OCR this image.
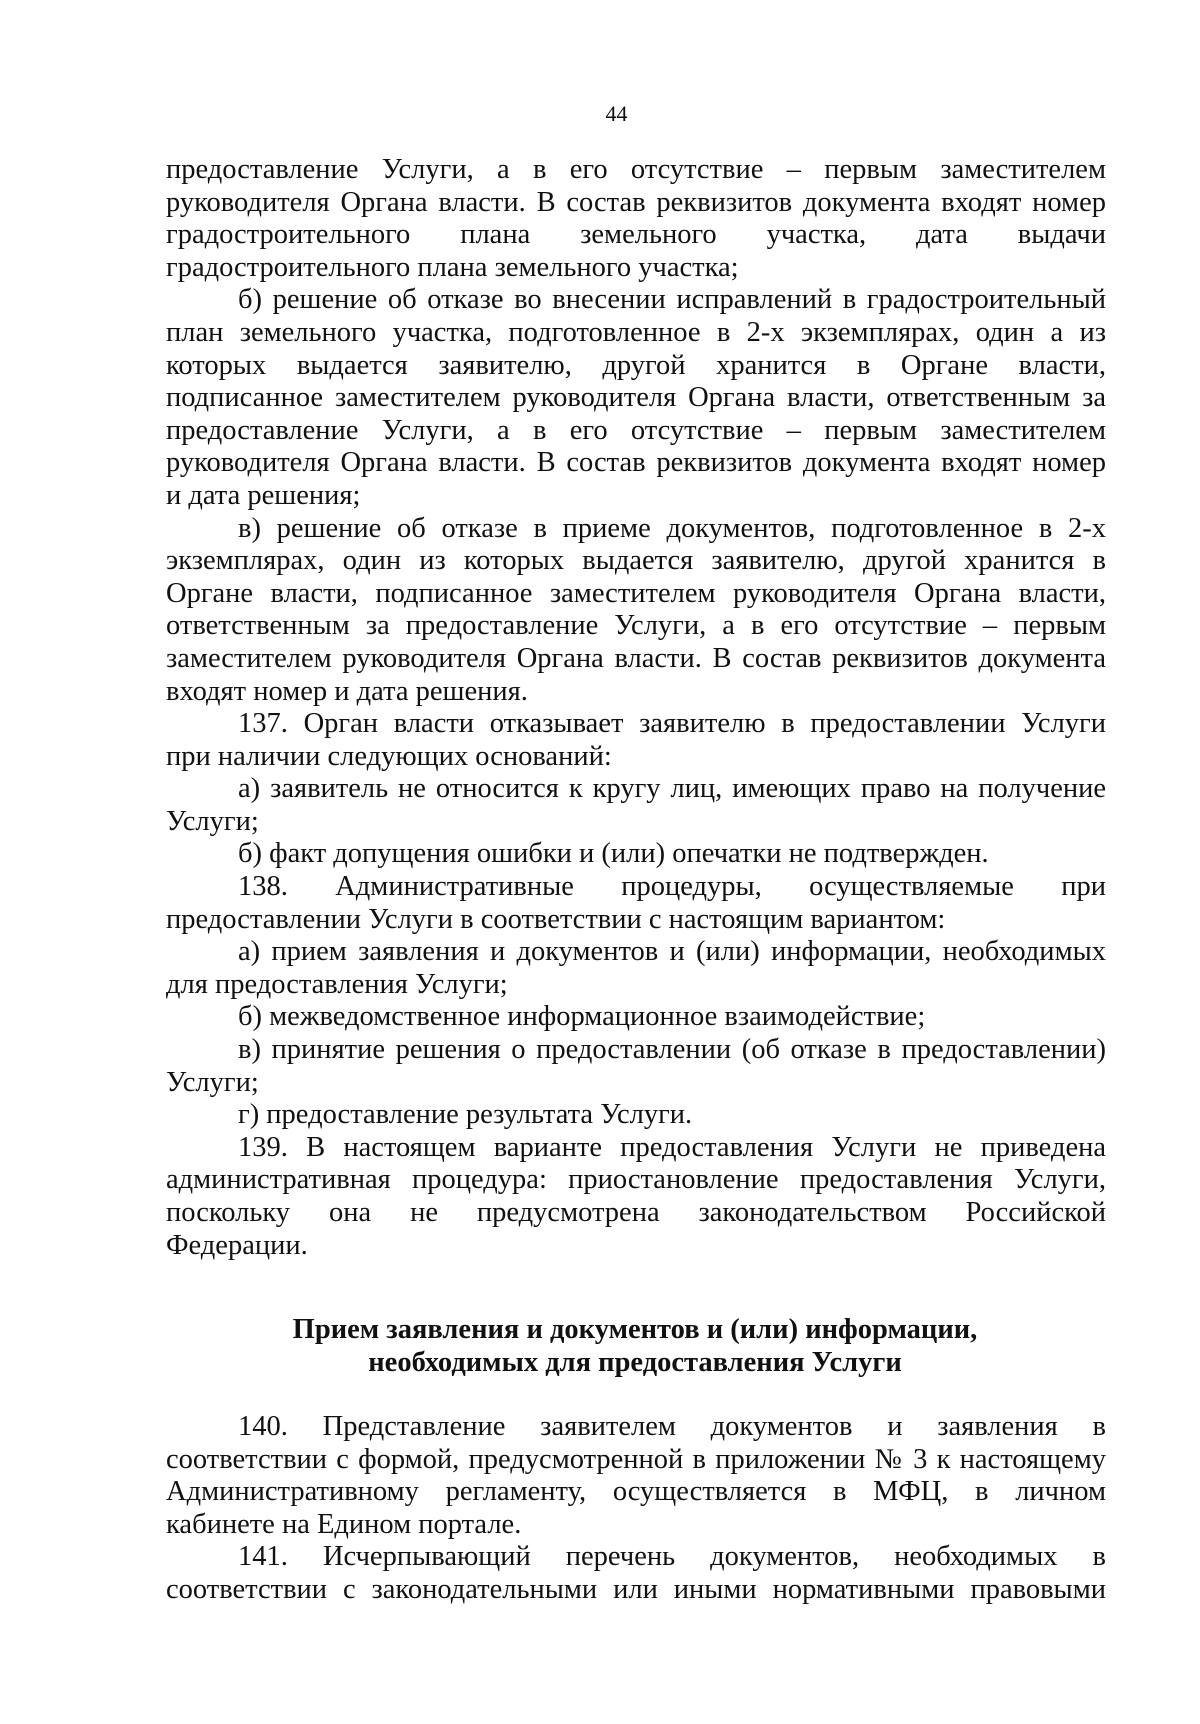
44
предоставление Услуги, а в его отсутствие – первым заместителем
руководителя Органа власти. В состав реквизитов документа входят номер
градостроительного плана земельного участка, дата выдачи
градостроительного плана земельного участка;
б) решение об отказе во внесении исправлений в градостроительный
план земельного участка, подготовленное в 2-х экземплярах, один а из
которых выдается заявителю, другой хранится в Органе власти,
подписанное заместителем руководителя Органа власти, ответственным за
предоставление Услуги, а в его отсутствие – первым заместителем
руководителя Органа власти. В состав реквизитов документа входят номер
и дата решения;
в) решение об отказе в приеме документов, подготовленное в 2-х
экземплярах, один из которых выдается заявителю, другой хранится в
Органе власти, подписанное заместителем руководителя Органа власти,
ответственным за предоставление Услуги, а в его отсутствие – первым
заместителем руководителя Органа власти. В состав реквизитов документа
входят номер и дата решения.
137. Орган власти отказывает заявителю в предоставлении Услуги
при наличии следующих оснований:
а) заявитель не относится к кругу лиц, имеющих право на получение
Услуги;
б) факт допущения ошибки и (или) опечатки не подтвержден.
138. Административные процедуры, осуществляемые при
предоставлении Услуги в соответствии с настоящим вариантом:
а) прием заявления и документов и (или) информации, необходимых
для предоставления Услуги;
б) межведомственное информационное взаимодействие;
в) принятие решения о предоставлении (об отказе в предоставлении)
Услуги;
г) предоставление результата Услуги.
139. В настоящем варианте предоставления Услуги не приведена
административная процедура: приостановление предоставления Услуги,
поскольку она не предусмотрена законодательством Российской
Федерации.
Прием заявления и документов и (или) информации,
необходимых для предоставления Услуги
140. Представление заявителем документов и заявления в
соответствии с формой, предусмотренной в приложении № 3 к настоящему
Административному регламенту, осуществляется в МФЦ, в личном
кабинете на Едином портале.
141. Исчерпывающий перечень документов, необходимых в
соответствии с законодательными или иными нормативными правовыми
